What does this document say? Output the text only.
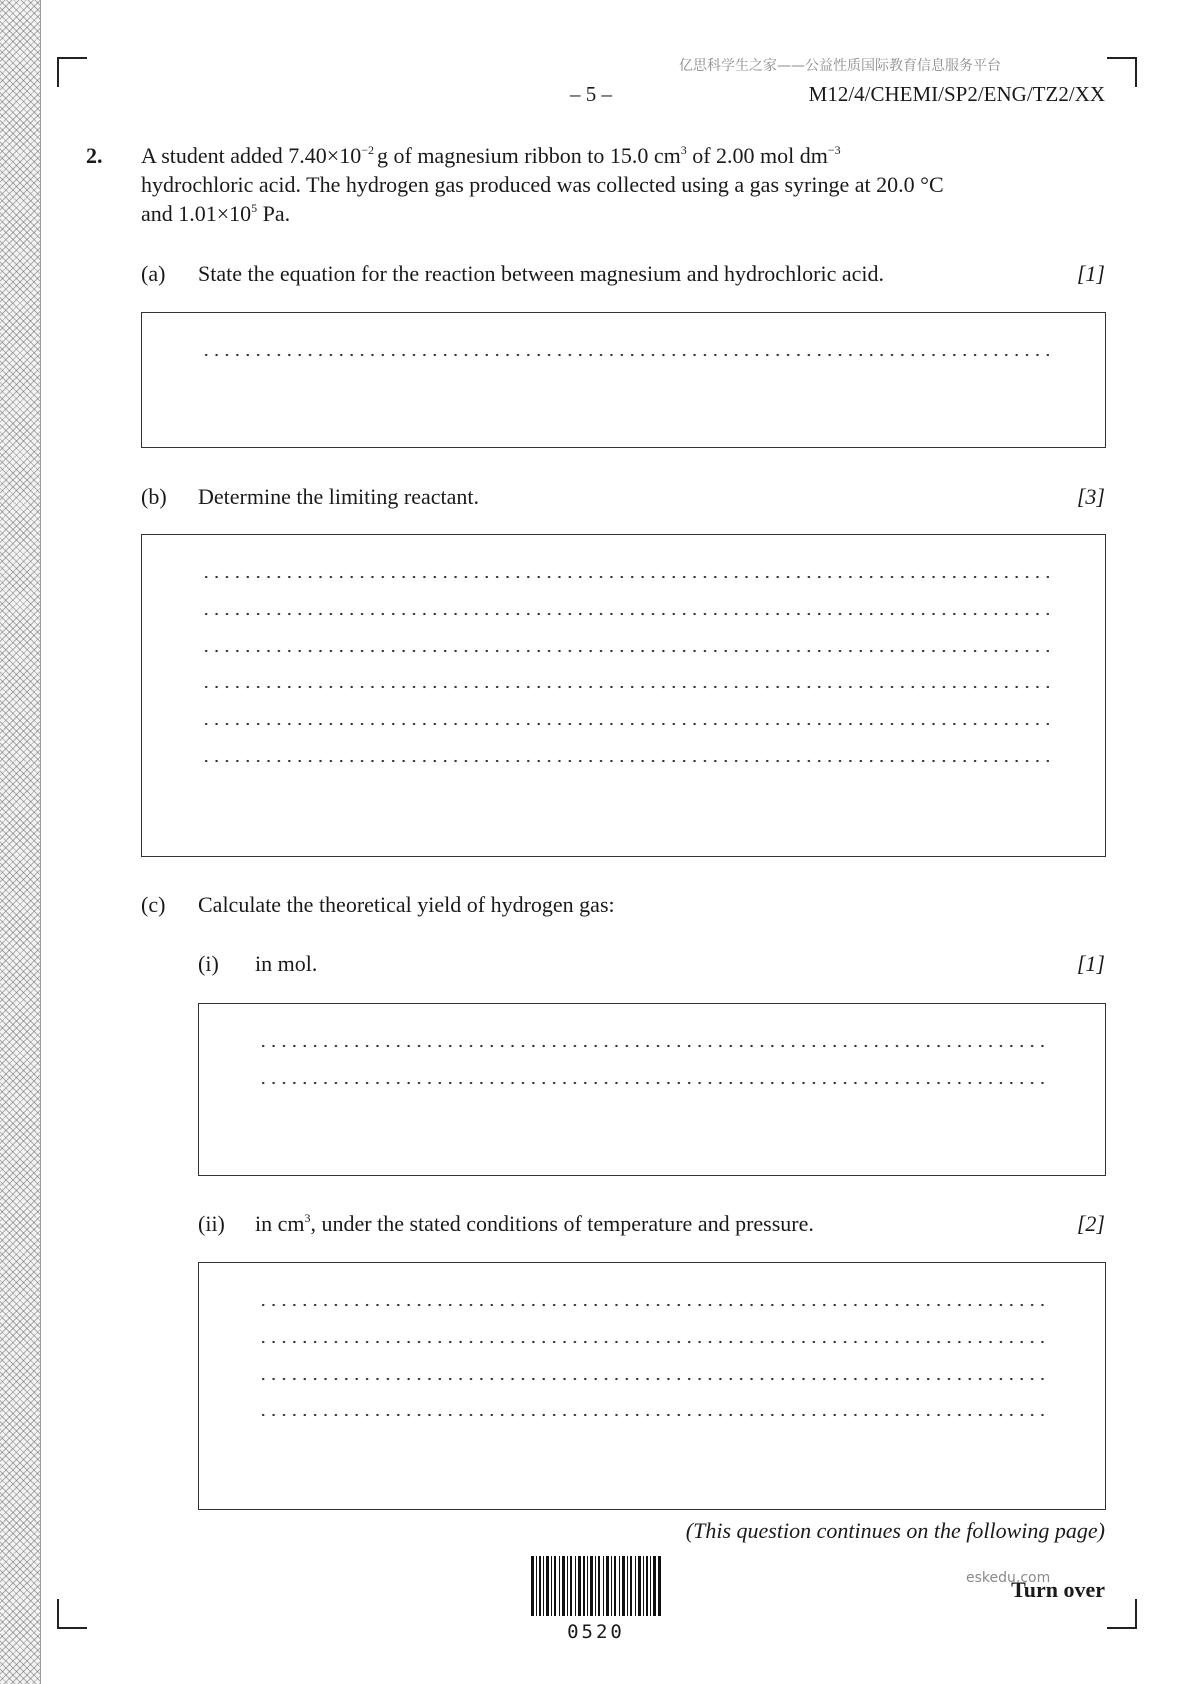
亿思科学生之家——公益性质国际教育信息服务平台
– 5 –	M12/4/CHEMI/SP2/ENG/TZ2/XX
2. A student added $7.40\times 10^{-2}$ g of magnesium ribbon to 15.0 $cm^3$ of 2.00 mol $dm^{-3}$
hydrochloric acid. The hydrogen gas produced was collected using a gas syringe at 20.0 °C
and $1.01\times 10^5$ Pa.
(a) State the equation for the reaction between magnesium and hydrochloric acid.	[1]
(b) Determine the limiting reactant.	[3]
(c) Calculate the theoretical yield of hydrogen gas:
(i) in mol.	[1]
(ii) in $cm^3$, under the stated conditions of temperature and pressure.	[2]
(This question continues on the following page)
eskedu.com
Turn over
0520
